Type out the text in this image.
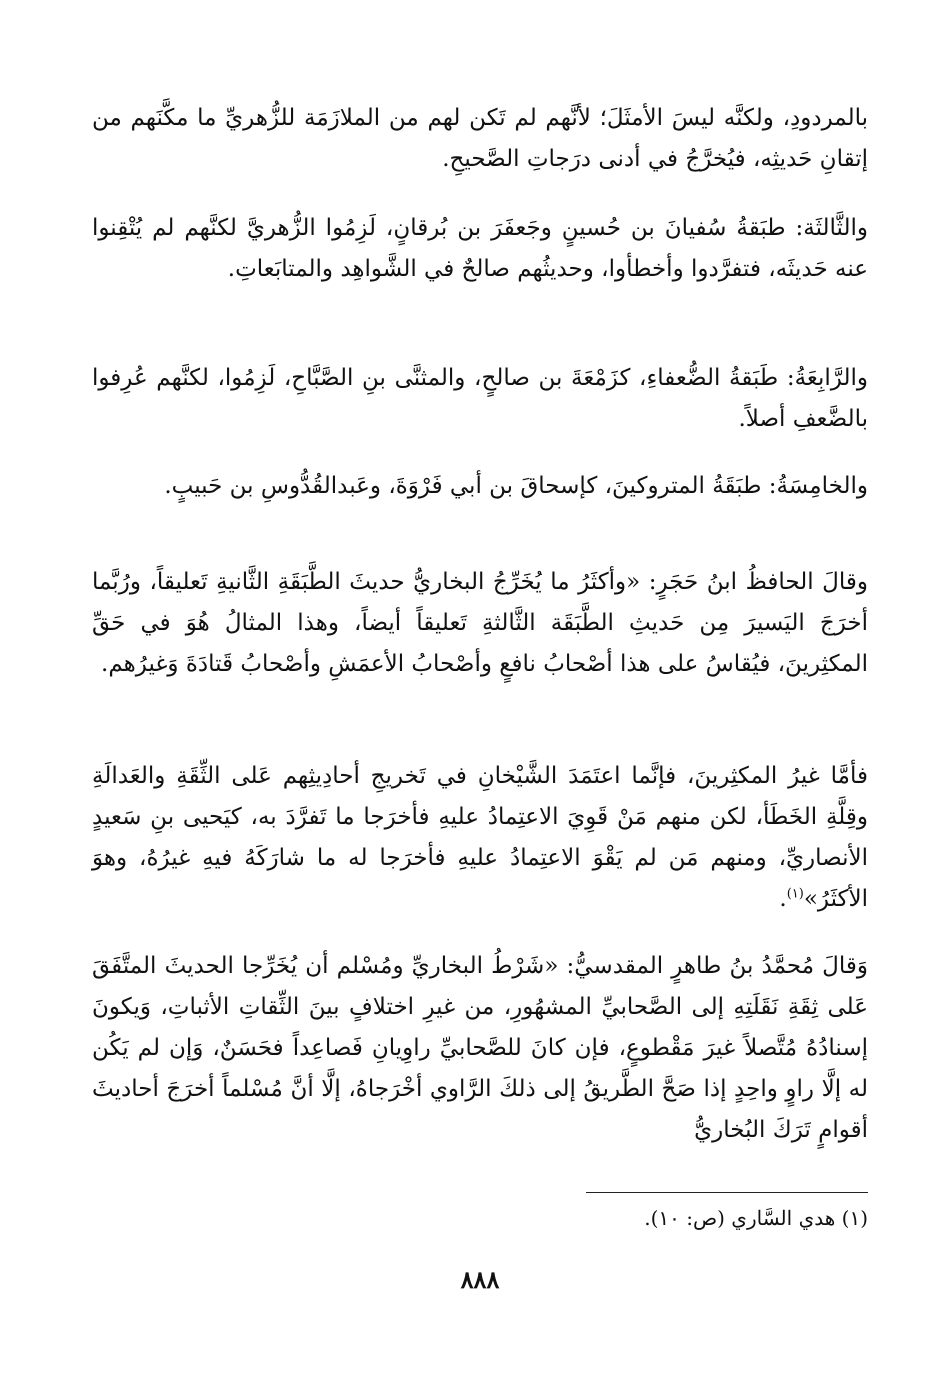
بالمردودِ، ولكنَّه ليسَ الأمثَلَ؛ لأنَّهم لم تَكن لهم من الملازَمَة للزُّهريِّ ما مكَّنَهم من إتقانِ حَديثِه، فيُخرَّجُ في أدنى درَجاتِ الصَّحيحِ.

والثَّالثَة: طبَقةُ سُفيانَ بن حُسينٍ وجَعفَرَ بن بُرقانٍ، لَزِمُوا الزُّهريَّ لكنَّهم لم يُتْقِنوا عنه حَديثَه، فتفرَّدوا وأخطأوا، وحديثُهم صالحٌ في الشَّواهِد والمتابَعاتِ.

والرَّابِعَةُ: طَبَقةُ الضُّعفاءِ، كزَمْعَةَ بن صالحٍ، والمثنَّى بنِ الصَّبَّاحِ، لَزِمُوا، لكنَّهم عُرِفوا بالضَّعفِ أصلاً.

والخامِسَةُ: طبَقَةُ المتروكينَ، كإسحاقَ بن أبي فَرْوَةَ، وعَبدالقُدُّوسِ بن حَبيبٍ.

وقالَ الحافظُ ابنُ حَجَرٍ: «وأكثَرُ ما يُخَرِّجُ البخاريُّ حديثَ الطَّبَقَةِ الثَّانيةِ تَعليقاً، ورُبَّما أخرَجَ اليَسيرَ مِن حَديثِ الطَّبَقَة الثَّالثةِ تَعليقاً أيضاً، وهذا المثالُ هُوَ في حَقِّ المكثِرينَ، فيُقاسُ على هذا أصْحابُ نافعٍ وأصْحابُ الأعمَشِ وأصْحابُ قَتادَةَ وَغيرُهم.

فأمَّا غيرُ المكثِرينَ، فإنَّما اعتَمَدَ الشَّيْخانِ في تَخريجِ أحادِيثِهم عَلى الثِّقَةِ والعَدالَةِ وقِلَّةِ الخَطَأ، لكن منهم مَنْ قَوِيَ الاعتِمادُ عليهِ فأخرَجا ما تَفرَّدَ به، كيَحيى بنِ سَعيدٍ الأنصاريِّ، ومنهم مَن لم يَقْوَ الاعتِمادُ عليهِ فأخرَجا له ما شارَكَهُ فيهِ غيرُهُ، وهوَ الأكثَرُ»$^{(١)}$.

وَقالَ مُحمَّدُ بنُ طاهرٍ المقدسيُّ: «شَرْطُ البخاريِّ ومُسْلم أن يُخَرِّجا الحديثَ المتَّفَقَ عَلى ثِقَةِ نَقَلَتِهِ إلى الصَّحابيِّ المشهُورِ، من غيرِ اختلافٍ بينَ الثِّقاتِ الأثباتِ، وَيكونَ إسنادُهُ مُتَّصلاً غيرَ مَقْطوعٍ، فإن كانَ للصَّحابيِّ راوِيانِ فَصاعِداً فحَسَنٌ، وَإن لم يَكُن له إلَّا راوٍ واحِدٍ إذا صَحَّ الطَّريقُ إلى ذلكَ الرَّاوي أخْرَجاهُ، إلَّا أنَّ مُسْلماً أخرَجَ أحاديثَ أقوامٍ تَرَكَ البُخاريُّ

(١) هدي السَّاري (ص: ١٠).
٨٨٨
